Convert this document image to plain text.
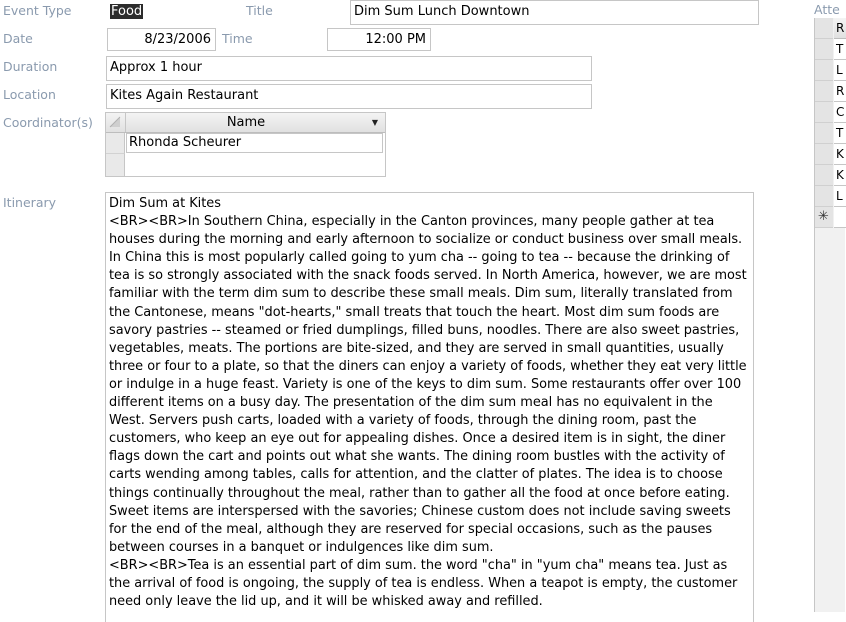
Event Type	Food	Title	Dim Sum Lunch Downtown
Date	8/23/2006 Time	12:00 PM
Duration	Approx 1 hour
Location	Kites Again Restaurant
Coordinator(s)	Name	▼
Rhonda Scheurer
Itinerary	Dim Sum at Kites

<BR><BR>In Southern China, especially in the Canton provinces, many people gather at tea houses during the morning and early afternoon to socialize or conduct business over small meals. In China this is most popularly called going to yum cha -- going to tea -- because the drinking of tea is so strongly associated with the snack foods served. In North America, however, we are most familiar with the term dim sum to describe these small meals. Dim sum, literally translated from the Cantonese, means "dot-hearts," small treats that touch the heart. Most dim sum foods are savory pastries -- steamed or fried dumplings, filled buns, noodles. There are also sweet pastries, vegetables, meats. The portions are bite-sized, and they are served in small quantities, usually three or four to a plate, so that the diners can enjoy a variety of foods, whether they eat very little or indulge in a huge feast. Variety is one of the keys to dim sum. Some restaurants offer over 100 different items on a busy day. The presentation of the dim sum meal has no equivalent in the West. Servers push carts, loaded with a variety of foods, through the dining room, past the customers, who keep an eye out for appealing dishes. Once a desired item is in sight, the diner flags down the cart and points out what she wants. The dining room bustles with the activity of carts wending among tables, calls for attention, and the clatter of plates. The idea is to choose things continually throughout the meal, rather than to gather all the food at once before eating. Sweet items are interspersed with the savories; Chinese custom does not include saving sweets for the end of the meal, although they are reserved for special occasions, such as the pauses between courses in a banquet or indulgences like dim sum.

<BR><BR>Tea is an essential part of dim sum. the word "cha" in "yum cha" means tea. Just as the arrival of food is ongoing, the supply of tea is endless. When a teapot is empty, the customer need only leave the lid up, and it will be whisked away and refilled.

Atte
R
T
L
R
C
T
K
K
L
✳
